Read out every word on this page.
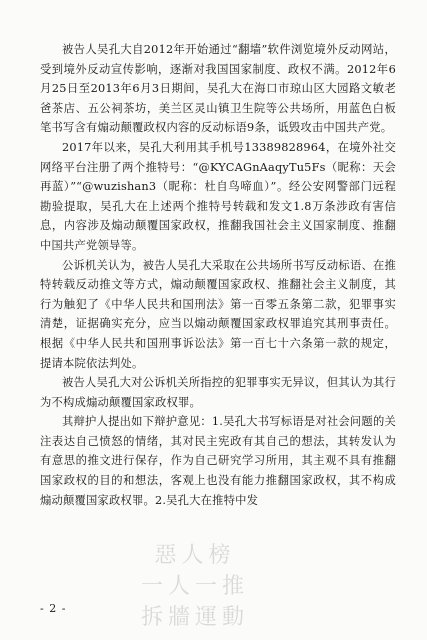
被告人吴孔大自2012年开始通过“翻墙”软件浏览境外反动网站，受到境外反动宣传影响，逐渐对我国国家制度、政权不满。2012年6月25日至2013年6月3日期间，吴孔大在海口市琼山区大园路文敏老爸茶店、五公祠茶坊，美兰区灵山镇卫生院等公共场所，用蓝色白板笔书写含有煽动颠覆政权内容的反动标语9条，诋毁攻击中国共产党。

2017年以来，吴孔大利用其手机号13389828964，在境外社交网络平台注册了两个推特号：“@KYCAGnAaqyTu5Fs（昵称：天会再蓝）”“@wuzishan3（昵称：杜自鸟啼血）”。经公安网警部门远程勘验提取，吴孔大在上述两个推特号转载和发文1.8万条涉政有害信息，内容涉及煽动颠覆国家政权，推翻我国社会主义国家制度、推翻中国共产党领导等。

公诉机关认为，被告人吴孔大采取在公共场所书写反动标语、在推特转载反动推文等方式，煽动颠覆国家政权、推翻社会主义制度，其行为触犯了《中华人民共和国刑法》第一百零五条第二款，犯罪事实清楚，证据确实充分，应当以煽动颠覆国家政权罪追究其刑事责任。根据《中华人民共和国刑事诉讼法》第一百七十六条第一款的规定，提请本院依法判处。

被告人吴孔大对公诉机关所指控的犯罪事实无异议，但其认为其行为不构成煽动颠覆国家政权罪。

其辩护人提出如下辩护意见：1.吴孔大书写标语是对社会问题的关注表达自己愤怒的情绪，其对民主宪政有其自己的想法，其转发认为有意思的推文进行保存，作为自己研究学习所用，其主观不具有推翻国家政权的目的和想法，客观上也没有能力推翻国家政权，其不构成煽动颠覆国家政权罪。2.吴孔大在推特中发

- 2 -
惡人榜
一人一推
拆牆運動
